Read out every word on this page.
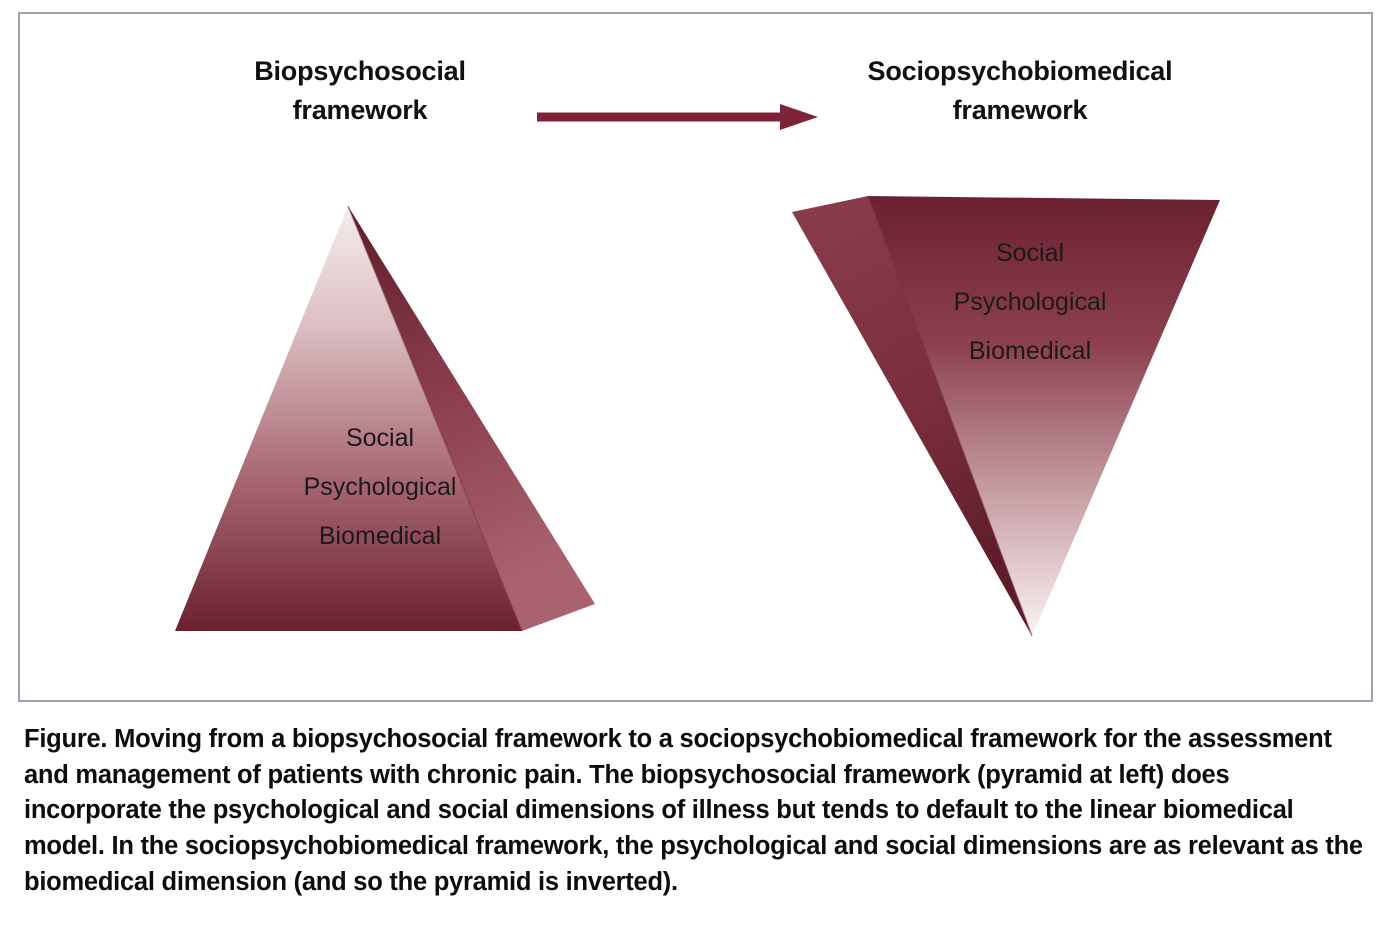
Biopsychosocial
framework
Sociopsychobiomedical
framework
Social
Psychological
Biomedical
Social
Psychological
Biomedical
Figure. Moving from a biopsychosocial framework to a sociopsychobiomedical framework for the assessment and management of patients with chronic pain. The biopsychosocial framework (pyramid at left) does incorporate the psychological and social dimensions of illness but tends to default to the linear biomedical model. In the sociopsychobiomedical framework, the psychological and social dimensions are as relevant as the biomedical dimension (and so the pyramid is inverted).
